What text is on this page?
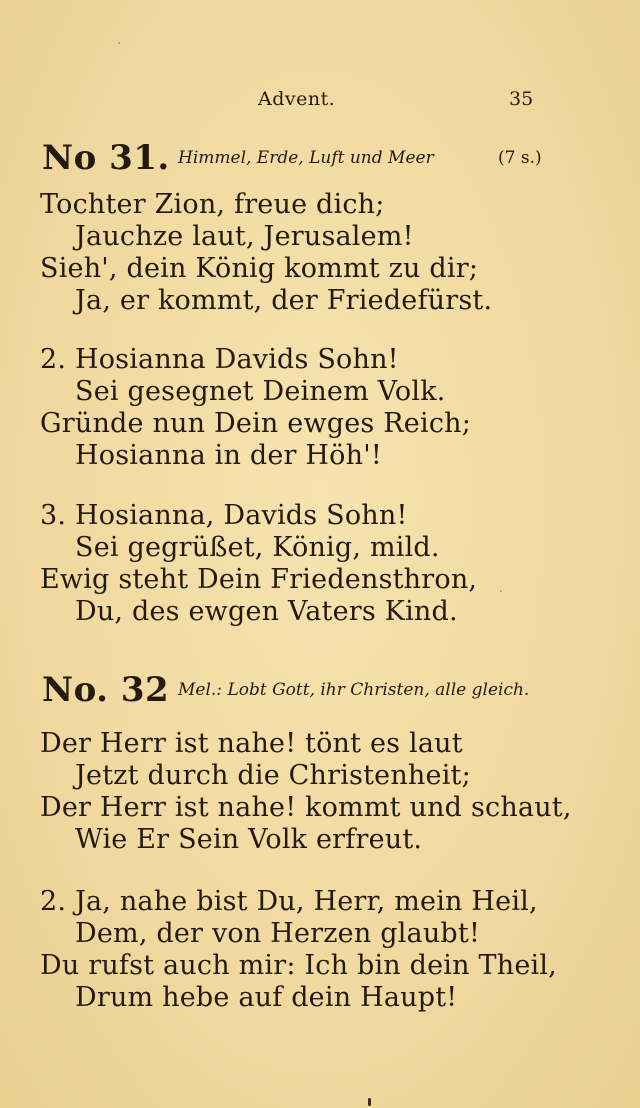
Advent.	35
No 31. Himmel, Erde, Luft und Meer	(7 s.)
Tochter Zion, freue dich;
Jauchze laut, Jerusalem!
Sieh', dein König kommt zu dir;
Ja, er kommt, der Friedefürst.
2. Hosianna Davids Sohn!
Sei gesegnet Deinem Volk.
Gründe nun Dein ewges Reich;
Hosianna in der Höh'!
3. Hosianna, Davids Sohn!
Sei gegrüßet, König, mild.
Ewig steht Dein Friedensthron,
Du, des ewgen Vaters Kind.
No. 32 Mel.: Lobt Gott, ihr Christen, alle gleich.
Der Herr ist nahe! tönt es laut
Jetzt durch die Christenheit;
Der Herr ist nahe! kommt und schaut,
Wie Er Sein Volk erfreut.
2. Ja, nahe bist Du, Herr, mein Heil,
Dem, der von Herzen glaubt!
Du rufst auch mir: Ich bin dein Theil,
Drum hebe auf dein Haupt!
